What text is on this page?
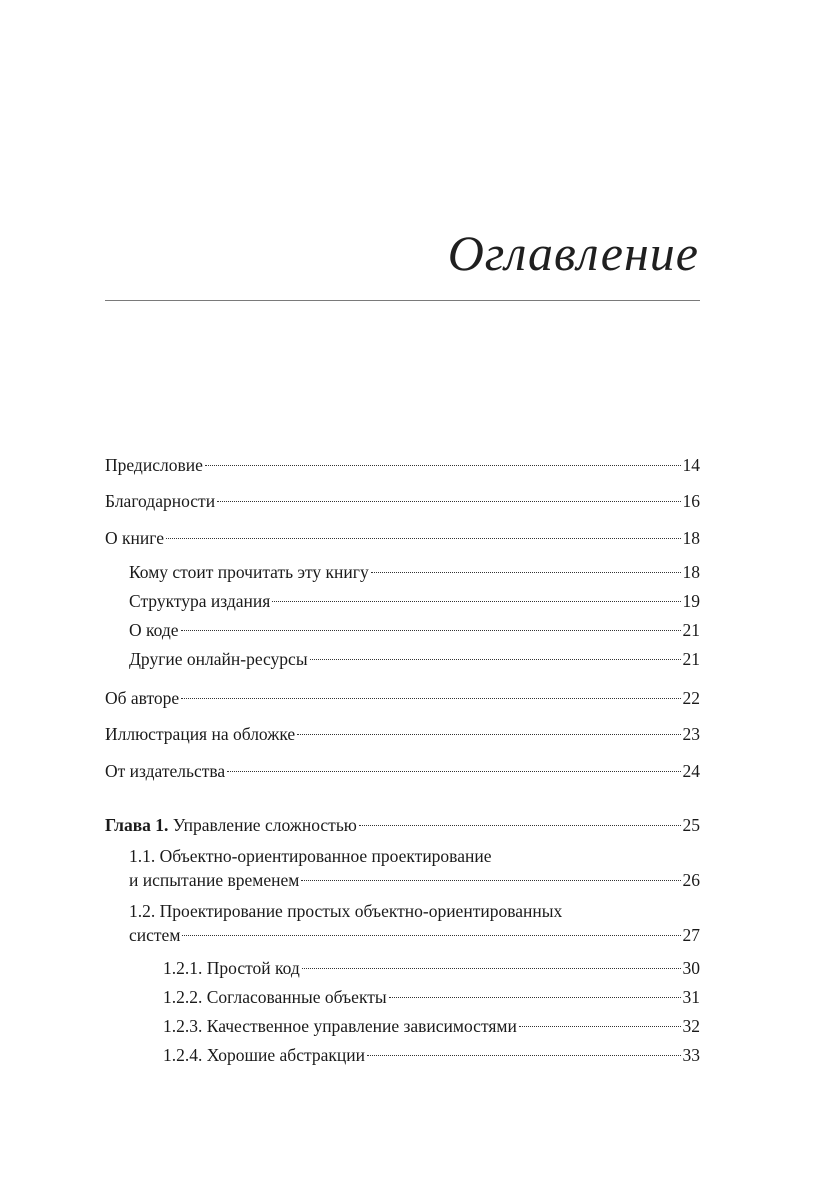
Оглавление
Предисловие	14
Благодарности	16
О книге	18
Кому стоит прочитать эту книгу	18
Структура издания	19
О коде	21
Другие онлайн-ресурсы	21
Об авторе	22
Иллюстрация на обложке	23
От издательства	24
Глава 1. Управление сложностью	25
1.1. Объектно-ориентированное проектирование
и испытание временем	26
1.2. Проектирование простых объектно-ориентированных
систем	27
1.2.1. Простой код	30
1.2.2. Согласованные объекты	31
1.2.3. Качественное управление зависимостями	32
1.2.4. Хорошие абстракции	33
